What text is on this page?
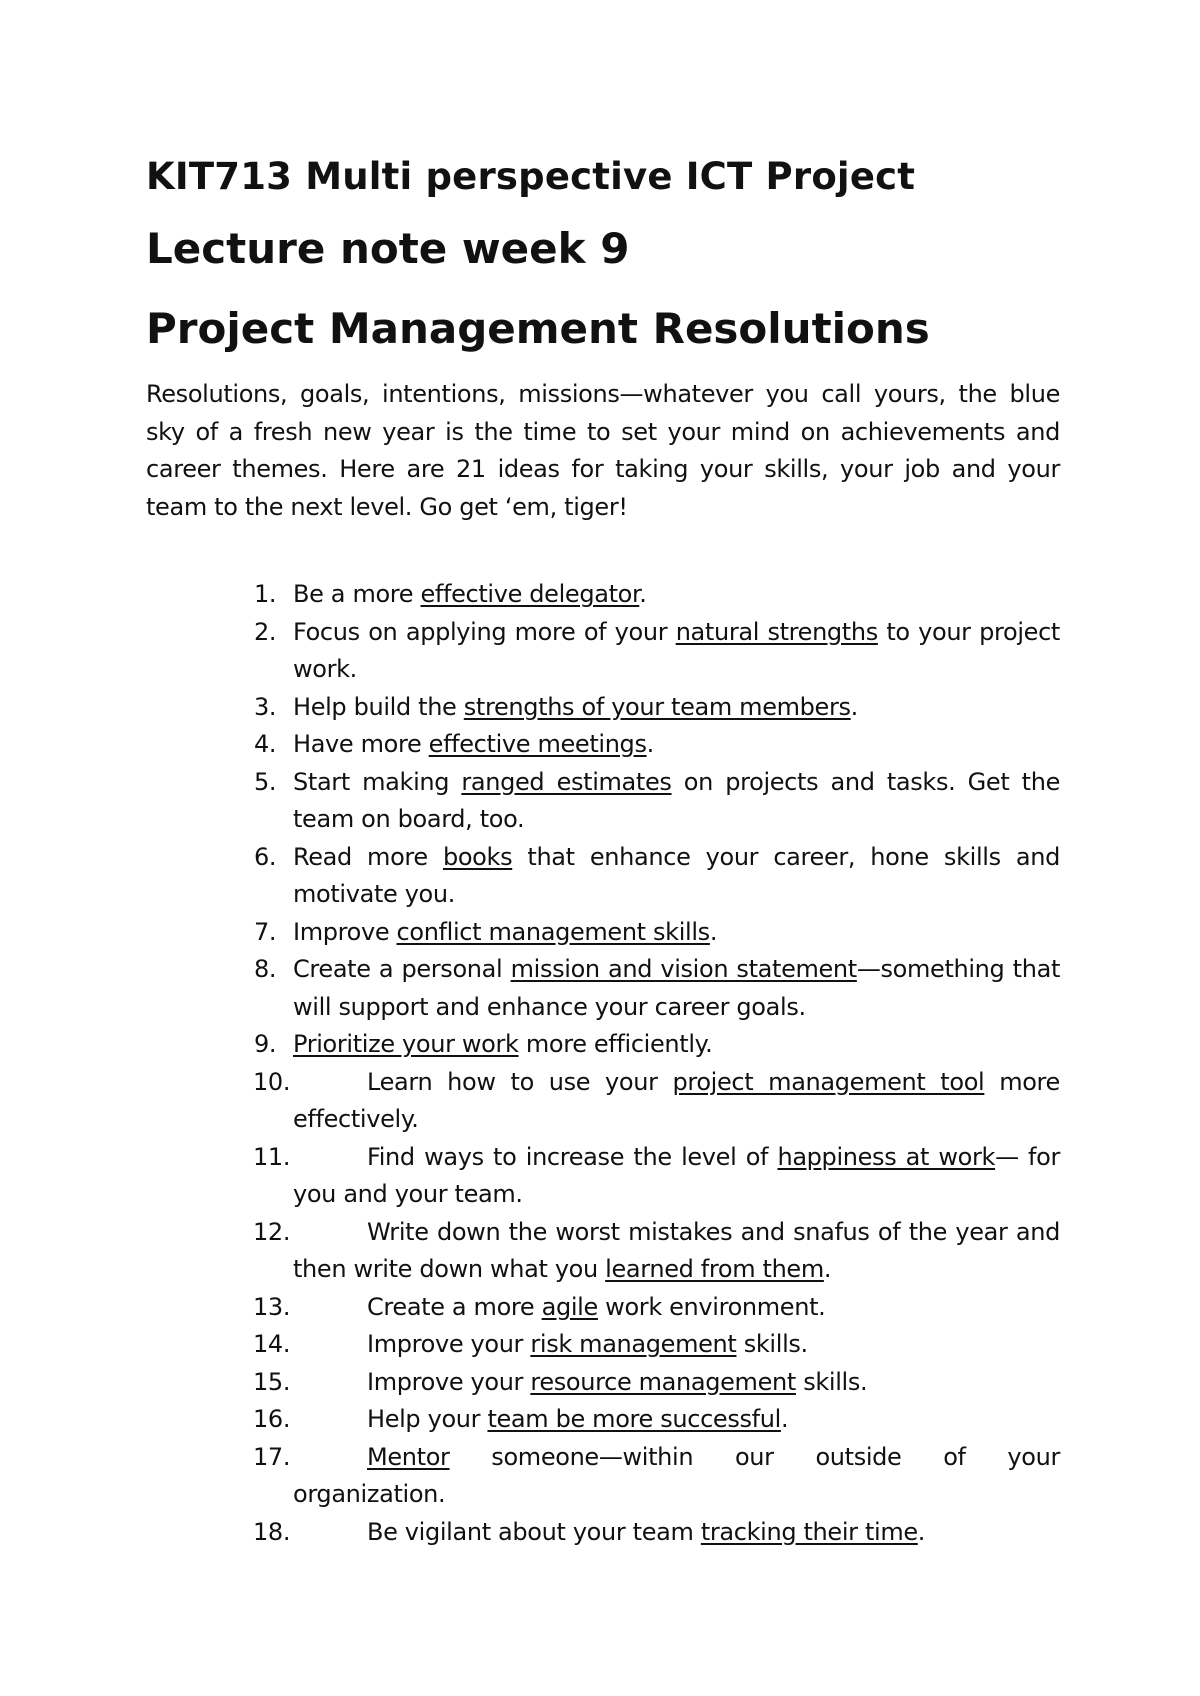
KIT713 Multi perspective ICT Project
Lecture note week 9
Project Management Resolutions

Resolutions, goals, intentions, missions—whatever you call yours, the blue sky of a fresh new year is the time to set your mind on achievements and career themes. Here are 21 ideas for taking your skills, your job and your team to the next level. Go get ‘em, tiger!

1. Be a more effective delegator.
2. Focus on applying more of your natural strengths to your project work.
3. Help build the strengths of your team members.
4. Have more effective meetings.
5. Start making ranged estimates on projects and tasks. Get the team on board, too.
6. Read more books that enhance your career, hone skills and motivate you.
7. Improve conflict management skills.
8. Create a personal mission and vision statement—something that will support and enhance your career goals.
9. Prioritize your work more efficiently.
10.	Learn how to use your project management tool more effectively.
11.	Find ways to increase the level of happiness at work— for you and your team.
12.	Write down the worst mistakes and snafus of the year and then write down what you learned from them.
13.	Create a more agile work environment.
14.	Improve your risk management skills.
15.	Improve your resource management skills.
16.	Help your team be more successful.
17.	Mentor someone—within our outside of your
organization.
18.	Be vigilant about your team tracking their time.
